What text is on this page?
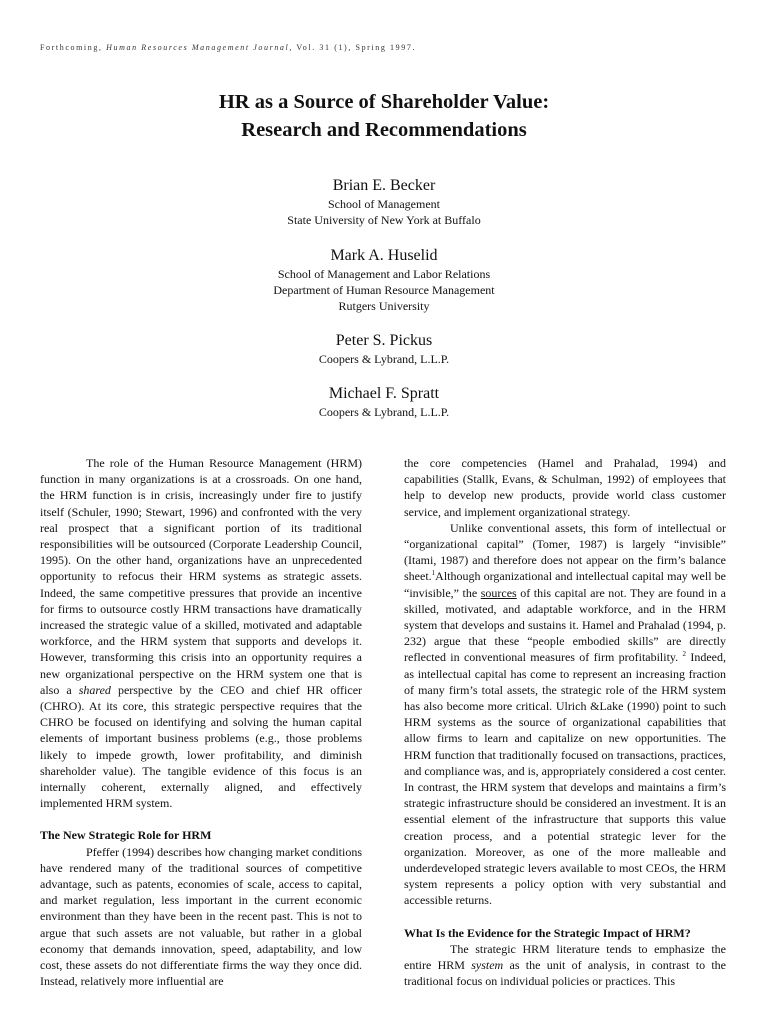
Forthcoming, Human Resources Management Journal, Vol. 31 (1), Spring 1997.
HR as a Source of Shareholder Value:
Research and Recommendations
Brian E. Becker
School of Management
State University of New York at Buffalo
Mark A. Huselid
School of Management and Labor Relations
Department of Human Resource Management
Rutgers University
Peter S. Pickus
Coopers & Lybrand, L.L.P.
Michael F. Spratt
Coopers & Lybrand, L.L.P.

The role of the Human Resource Management (HRM) function in many organizations is at a crossroads. On one hand, the HRM function is in crisis, increasingly under fire to justify itself (Schuler, 1990; Stewart, 1996) and confronted with the very real prospect that a significant portion of its traditional responsibilities will be outsourced (Corporate Leadership Council, 1995). On the other hand, organizations have an unprecedented opportunity to refocus their HRM systems as strategic assets. Indeed, the same competitive pressures that provide an incentive for firms to outsource costly HRM transactions have dramatically increased the strategic value of a skilled, motivated and adaptable workforce, and the HRM system that supports and develops it. However, transforming this crisis into an opportunity requires a new organizational perspective on the HRM system one that is also a shared perspective by the CEO and chief HR officer (CHRO). At its core, this strategic perspective requires that the CHRO be focused on identifying and solving the human capital elements of important business problems (e.g., those problems likely to impede growth, lower profitability, and diminish shareholder value). The tangible evidence of this focus is an internally coherent, externally aligned, and effectively implemented HRM system.

The New Strategic Role for HRM

Pfeffer (1994) describes how changing market conditions have rendered many of the traditional sources of competitive advantage, such as patents, economies of scale, access to capital, and market regulation, less important in the current economic environment than they have been in the recent past. This is not to argue that such assets are not valuable, but rather in a global economy that demands innovation, speed, adaptability, and low cost, these assets do not differentiate firms the way they once did. Instead, relatively more influential are

the core competencies (Hamel and Prahalad, 1994) and capabilities (Stallk, Evans, & Schulman, 1992) of employees that help to develop new products, provide world class customer service, and implement organizational strategy.

Unlike conventional assets, this form of intellectual or “organizational capital” (Tomer, 1987) is largely “invisible” (Itami, 1987) and therefore does not appear on the firm’s balance sheet.$^1$Although organizational and intellectual capital may well be “invisible,” the sources of this capital are not. They are found in a skilled, motivated, and adaptable workforce, and in the HRM system that develops and sustains it. Hamel and Prahalad (1994, p. 232) argue that these “people embodied skills” are directly reflected in conventional measures of firm profitability. $^2$ Indeed, as intellectual capital has come to represent an increasing fraction of many firm’s total assets, the strategic role of the HRM system has also become more critical. Ulrich &Lake (1990) point to such HRM systems as the source of organizational capabilities that allow firms to learn and capitalize on new opportunities. The HRM function that traditionally focused on transactions, practices, and compliance was, and is, appropriately considered a cost center. In contrast, the HRM system that develops and maintains a firm’s strategic infrastructure should be considered an investment. It is an essential element of the infrastructure that supports this value creation process, and a potential strategic lever for the organization. Moreover, as one of the more malleable and underdeveloped strategic levers available to most CEOs, the HRM system represents a policy option with very substantial and accessible returns.

What Is the Evidence for the Strategic Impact of HRM?

The strategic HRM literature tends to emphasize the entire HRM system as the unit of analysis, in contrast to the traditional focus on individual policies or practices. This
